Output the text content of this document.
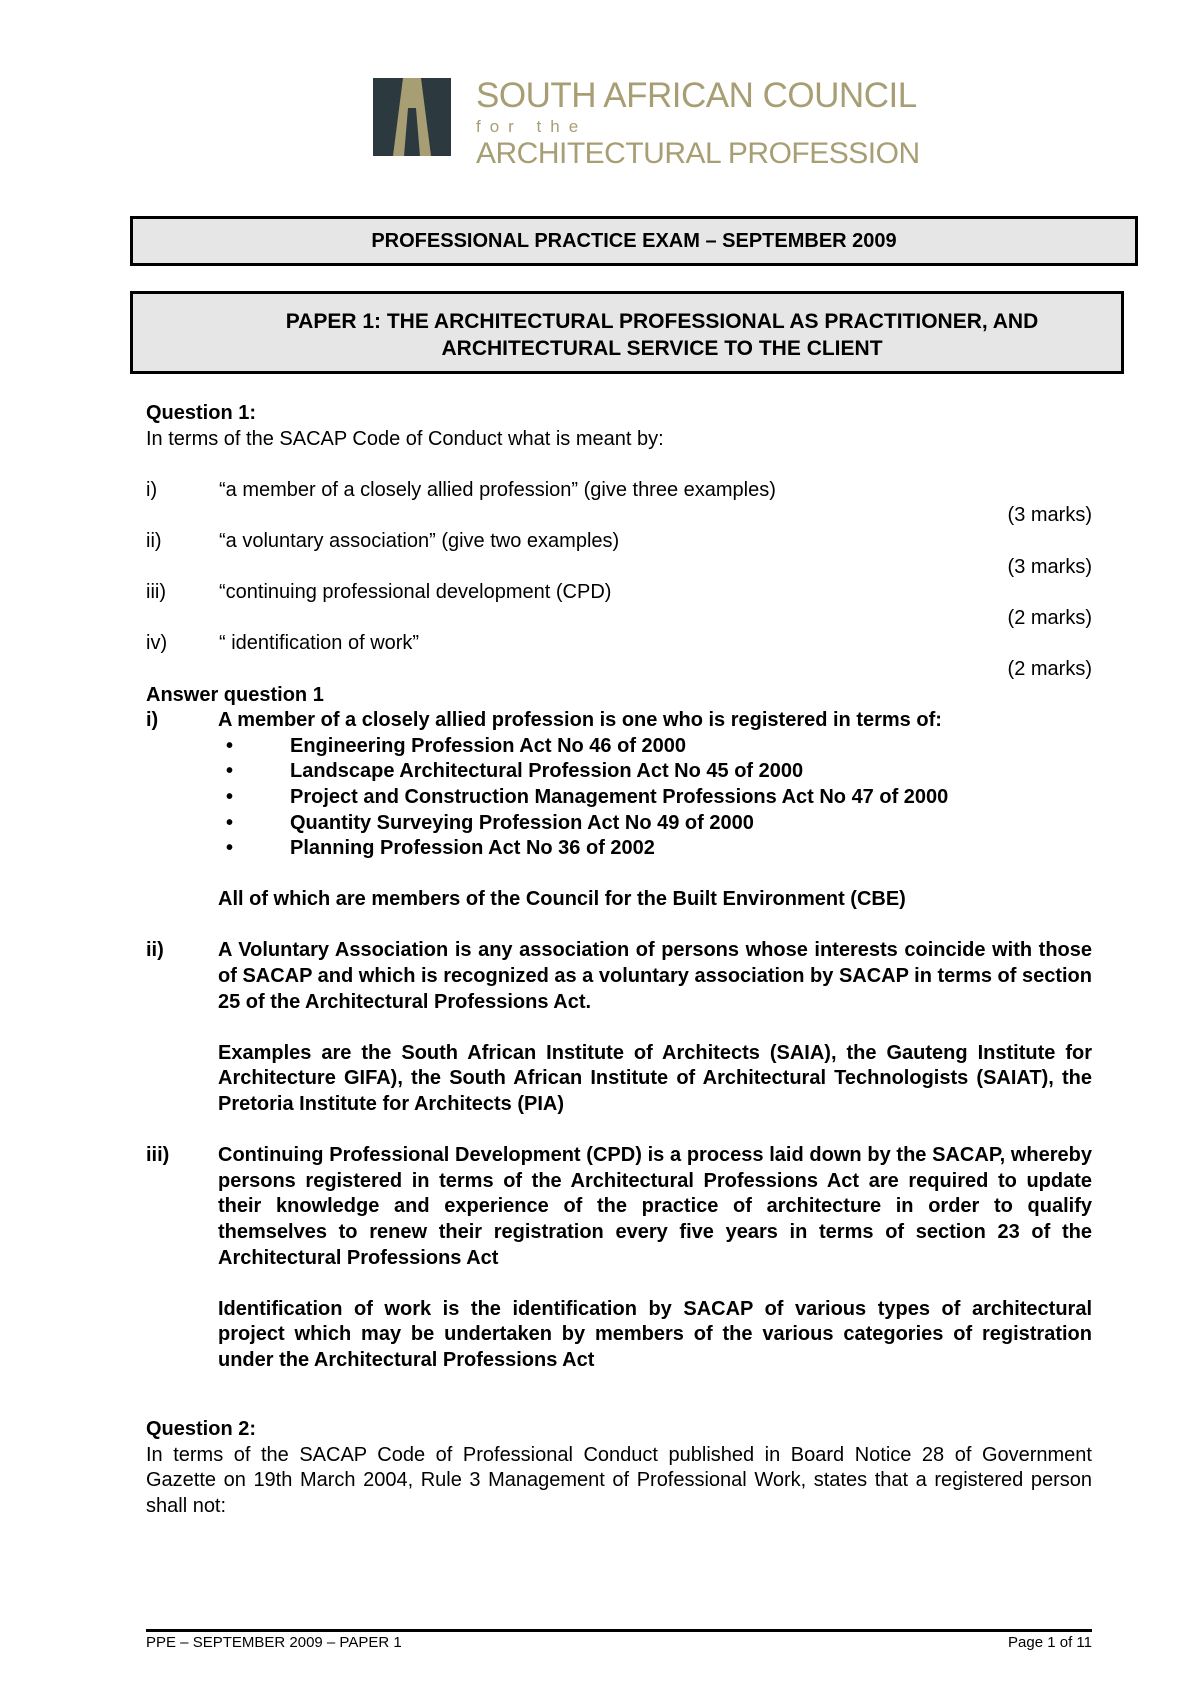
SOUTH AFRICAN COUNCIL
for the
ARCHITECTURAL PROFESSION
PROFESSIONAL PRACTICE EXAM – SEPTEMBER 2009
PAPER 1: THE ARCHITECTURAL PROFESSIONAL AS PRACTITIONER, AND
ARCHITECTURAL SERVICE TO THE CLIENT
Question 1:
In terms of the SACAP Code of Conduct what is meant by:
i)	“a member of a closely allied profession” (give three examples)
(3 marks)
ii)	“a voluntary association” (give two examples)
(3 marks)
iii)	“continuing professional development (CPD)
(2 marks)
iv)	“ identification of work”
(2 marks)
Answer question 1
i)	A member of a closely allied profession is one who is registered in terms of:
•	Engineering Profession Act No 46 of 2000
•	Landscape Architectural Profession Act No 45 of 2000
•	Project and Construction Management Professions Act No 47 of 2000
•	Quantity Surveying Profession Act No 49 of 2000
•	Planning Profession Act No 36 of 2002
All of which are members of the Council for the Built Environment (CBE)
ii)	A Voluntary Association is any association of persons whose interests coincide with those of SACAP and which is recognized as a voluntary association by SACAP in terms of section 25 of the Architectural Professions Act.
Examples are the South African Institute of Architects (SAIA), the Gauteng Institute for Architecture GIFA), the South African Institute of Architectural Technologists (SAIAT), the Pretoria Institute for Architects (PIA)
iii)	Continuing Professional Development (CPD) is a process laid down by the SACAP, whereby persons registered in terms of the Architectural Professions Act are required to update their knowledge and experience of the practice of architecture in order to qualify themselves to renew their registration every five years in terms of section 23 of the Architectural Professions Act
Identification of work is the identification by SACAP of various types of architectural project which may be undertaken by members of the various categories of registration under the Architectural Professions Act
Question 2:
In terms of the SACAP Code of Professional Conduct published in Board Notice 28 of Government Gazette on 19th March 2004, Rule 3 Management of Professional Work, states that a registered person shall not:
PPE – SEPTEMBER 2009 – PAPER 1	Page 1 of 11
